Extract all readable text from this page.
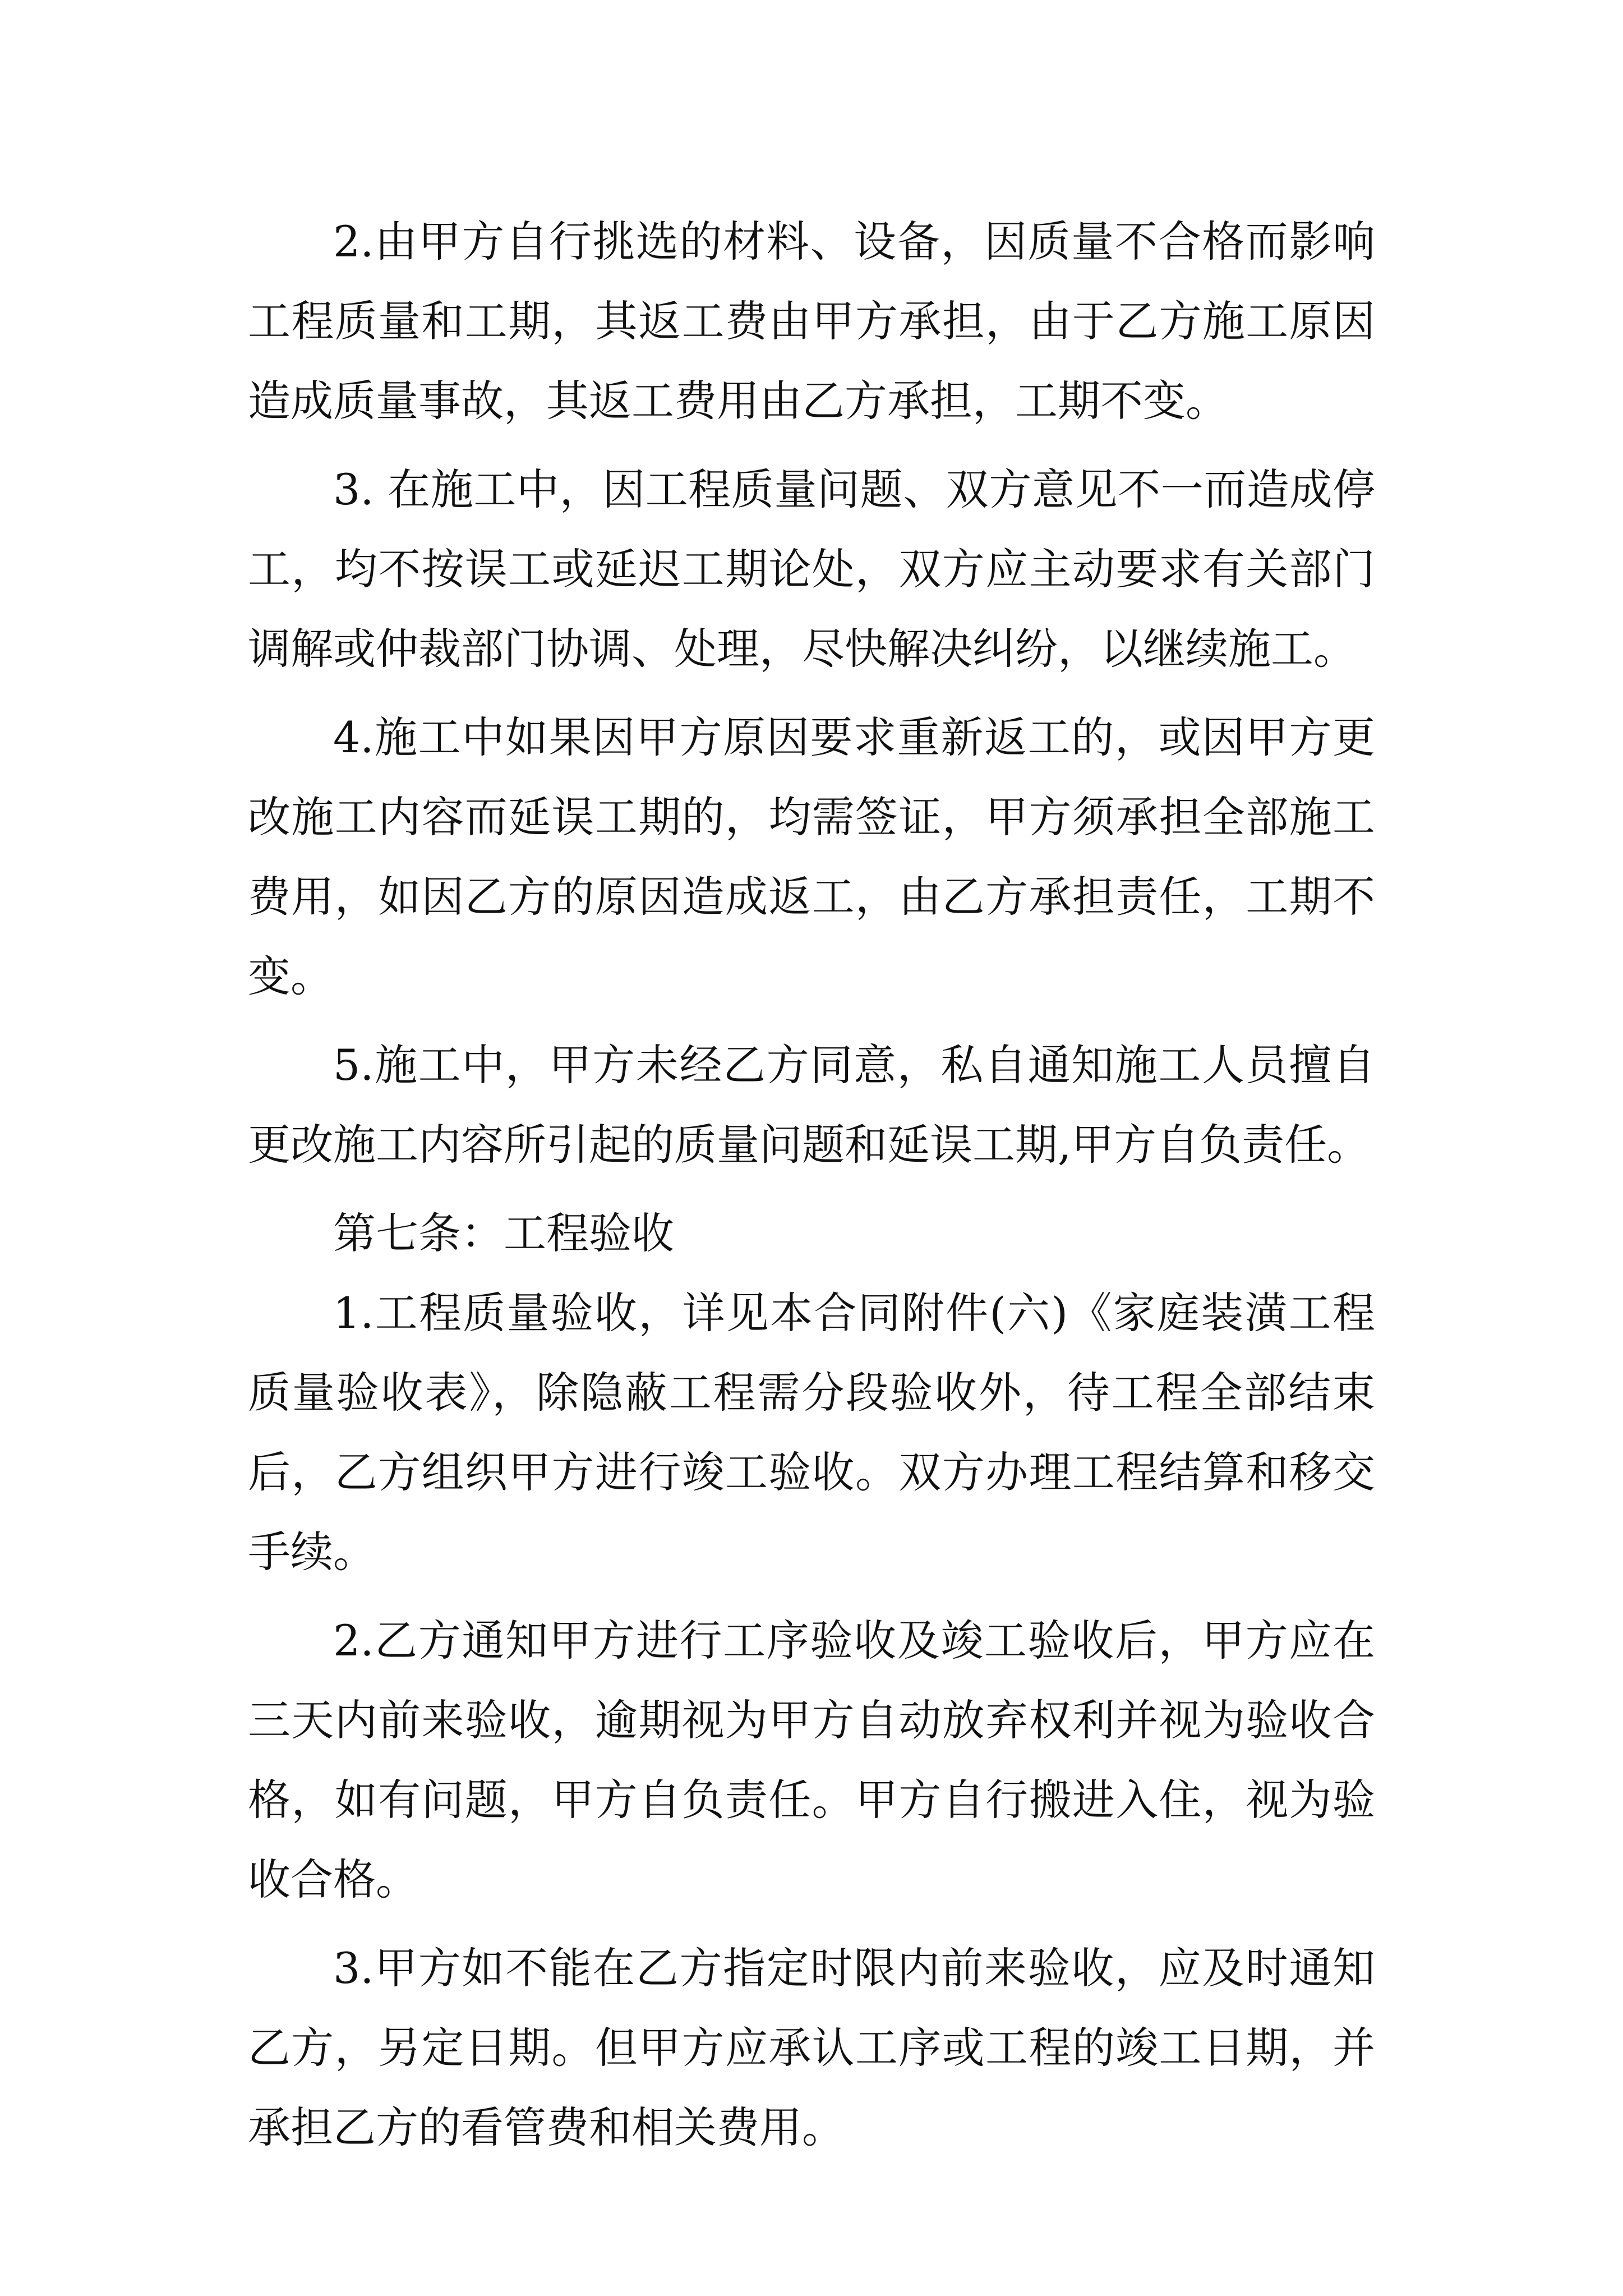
2.由甲方自行挑选的材料、设备，因质量不合格而影响工程质量和工期，其返工费由甲方承担，由于乙方施工原因造成质量事故，其返工费用由乙方承担，工期不变。

3. 在施工中，因工程质量问题、双方意见不一而造成停工，均不按误工或延迟工期论处，双方应主动要求有关部门调解或仲裁部门协调、处理，尽快解决纠纷，以继续施工。

4.施工中如果因甲方原因要求重新返工的，或因甲方更改施工内容而延误工期的，均需签证，甲方须承担全部施工费用，如因乙方的原因造成返工，由乙方承担责任，工期不变。

5.施工中，甲方未经乙方同意，私自通知施工人员擅自更改施工内容所引起的质量问题和延误工期,甲方自负责任。

第七条：工程验收

1.工程质量验收，详见本合同附件(六)《家庭装潢工程质量验收表》，除隐蔽工程需分段验收外，待工程全部结束后，乙方组织甲方进行竣工验收。双方办理工程结算和移交手续。

2.乙方通知甲方进行工序验收及竣工验收后，甲方应在三天内前来验收，逾期视为甲方自动放弃权利并视为验收合格，如有问题，甲方自负责任。甲方自行搬进入住，视为验收合格。

3.甲方如不能在乙方指定时限内前来验收，应及时通知乙方，另定日期。但甲方应承认工序或工程的竣工日期，并承担乙方的看管费和相关费用。
